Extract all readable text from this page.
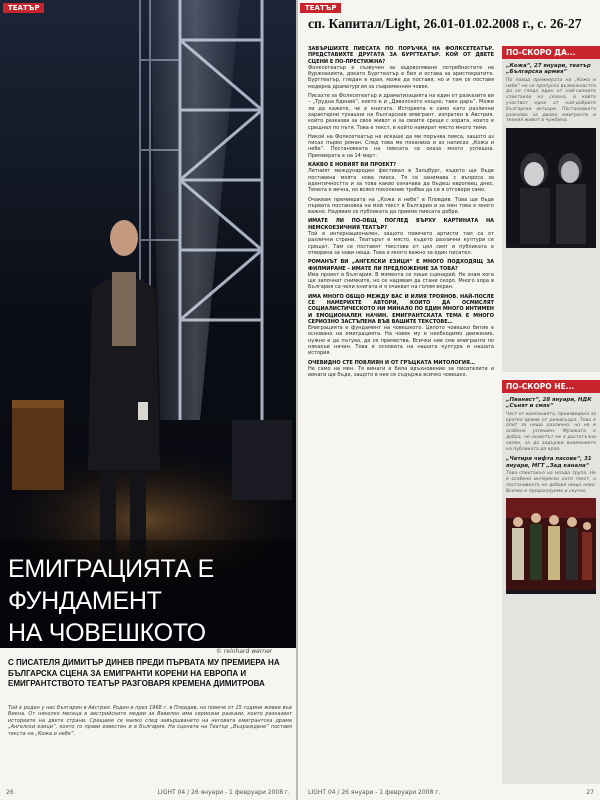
ТЕАТЪР
ЕМИГРАЦИЯТА Е ФУНДАМЕНТ
НА ЧОВЕШКОТО
© reinhard werner
С ПИСАТЕЛЯ ДИМИТЪР ДИНЕВ ПРЕДИ ПЪРВАТА МУ ПРЕМИЕРА НА БЪЛГАРСКА СЦЕНА ЗА ЕМИГРАНТИ КОРЕНИ НА ЕВРОПА И ЕМИГРАНТСТВОТО ТЕАТЪР РАЗГОВАРЯ КРЕМЕНА ДИМИТРОВА
Той е роден у нас българин в Австрия. Роден е през 1968 г. в Пловдив, но повече от 15 години живее във Виена. От няколко месеца в австрийските медии за Вавилон има сериозни разкази, които разказват историите на двете страни. Срещаме се малко след завършването на неговата емигрантска драма „Ангелски езици“, която го прави известен и в България. На сцената на Театър „Възраждане“ поставя текста на „Кожа и небе“.
26	LIGHT 04 / 26 януари - 1 февруари 2008 г.
ТЕАТЪР
сп. Капитал/Light, 26.01-01.02.2008 г., с. 26-27

ЗАВЪРШИХТЕ ПИЕСАТА ПО ПОРЪЧКА НА ФОЛКСЕТЕАТЪР. ПРЕДСТАВИХТЕ ДРУГАТА ЗА БУРГТЕАТЪР. КОЙ ОТ ДВЕТЕ СЦЕНИ Е ПО-ПРЕСТИЖНА?
Фолксетеатър е съзвучен за задоволяване потребностите на буржоазията, докато Бургтеатър е бил и остава за аристократите. Бургтеатър, гледан в края, може да поставя, но и там се поставя модерна драматургия за съвременния човек.

Писахте за Фолксетеатър и драматизацията на един от разказите ви – „Трудна бдение“, което е и „Дяволското нощно, таен даръ“. Може ли да кажете, че е книгата. Историята е само като различни характерни тукашни на българския емигрант, изпратен в Австрия, който разказва за своя живот и за своите срещи с хората, които е срещнал по пътя. Това е текст, в който намират място много теми.

Никой на Фолксетеатър не искаше да ми поръчва пиеса, защото аз писах първо роман. След това ме поканиха и аз написах „Кожа и небе“. Постановката на пиесата се оказа много успешна. Премиерата е на 14 март.

КАКВО Е НОВИЯТ ВИ ПРОЕКТ?
Летният международен фестивал в Залцбург, където ще бъде поставена моята нова пиеса. Тя се занимава с въпроса за идентичността и за това какво означава да бъдеш европеец днес. Темата е вечна, но всяко поколение трябва да си я отговори само.

Очаквам премиерата на „Кожа и небе“ в Пловдив. Това ще бъде първата постановка на мой текст в България и за мен това е много важно. Надявам се публиката да приеме пиесата добре.

ИМАТЕ ЛИ ПО-ОБЩ ПОГЛЕД ВЪРХУ КАРТИНАТА НА НЕМСКОЕЗИЧНИЯ ТЕАТЪР?
Той е интернационален, защото повечето артисти там са от различни страни. Театърът е място, където различни култури се срещат. Там се поставят текстове от цял свят и публиката е отворена за нови неща. Това е много важно за един писател.

РОМАНЪТ ВИ „АНГЕЛСКИ ЕЗИЦИ“ Е МНОГО ПОДХОДЯЩ ЗА ФИЛМИРАНЕ – ИМАТЕ ЛИ ПРЕДЛОЖЕНИЕ ЗА ТОВА?
Има проект в България. В момента се пише сценарий. Не знам кога ще започнат снимките, но се надявам да стане скоро. Много хора в България са чели книгата и я очакват на голям екран.

ИМА МНОГО ОБЩО МЕЖДУ ВАС И ИЛИЯ ТРОЯНОВ. НАЙ-ПОСЛЕ СЕ НАМЕРИХТЕ АВТОРИ, КОИТО ДА ОСМИСЛЯТ СОЦИАЛИСТИЧЕСКОТО НИ МИНАЛО ПО ЕДИН МНОГО ИНТИМЕН И ЕМОЦИОНАЛЕН НАЧИН. ЕМИГРАНТСКАТА ТЕМА Е МНОГО СЕРИОЗНО ЗАСТЪПЕНА ВЪВ ВАШИТЕ ТЕКСТОВЕ…
Емиграцията е фундамент на човешкото. Цялото човешко битие е основано на емиграцията. На човек му е необходимо движение, нужно е да пътува, да се премества. Всички ние сме емигранти по някакъв начин. Това е основата на нашата култура и нашата история.

ОЧЕВИДНО СТЕ ПОВЛИЯН И ОТ ГРЪЦКАТА МИТОЛОГИЯ…
Не само на мен. Тя винаги е била вдъхновение за писателите и винаги ще бъде, защото в нея се съдържа всичко човешко.

ПО-СКОРО ДА...
„Кожа“, 27 януари, театър „Българска армия“
По повод премиерата на „Кожа и небе“ не се пропуска възможността да се гледа един от най-силните спектакли на сезона, в който участват едни от най-добрите български актьори. Постановката разказва за двама емигранти и техния живот в чужбина.
ПО-СКОРО НЕ...
„Пианист“, 28 януари, НДК „Сънят и смях“
Част от компанията, произведена за кратко време от режисьора. Това е опит за нещо различно, но не е особено успешен. Музиката е добра, но сюжетът не е достатъчно силен, за да задържи вниманието на публиката до края.
„Четири чифта пасове“, 31 януари, МГТ „Зад канала“
Това спектакъл на млада трупа. Не е особено интересен като текст, а постановката не добавя нищо ново. Всичко е предсказуемо и скучно.
LIGHT 04 / 26 януари - 1 февруари 2008 г.	27
